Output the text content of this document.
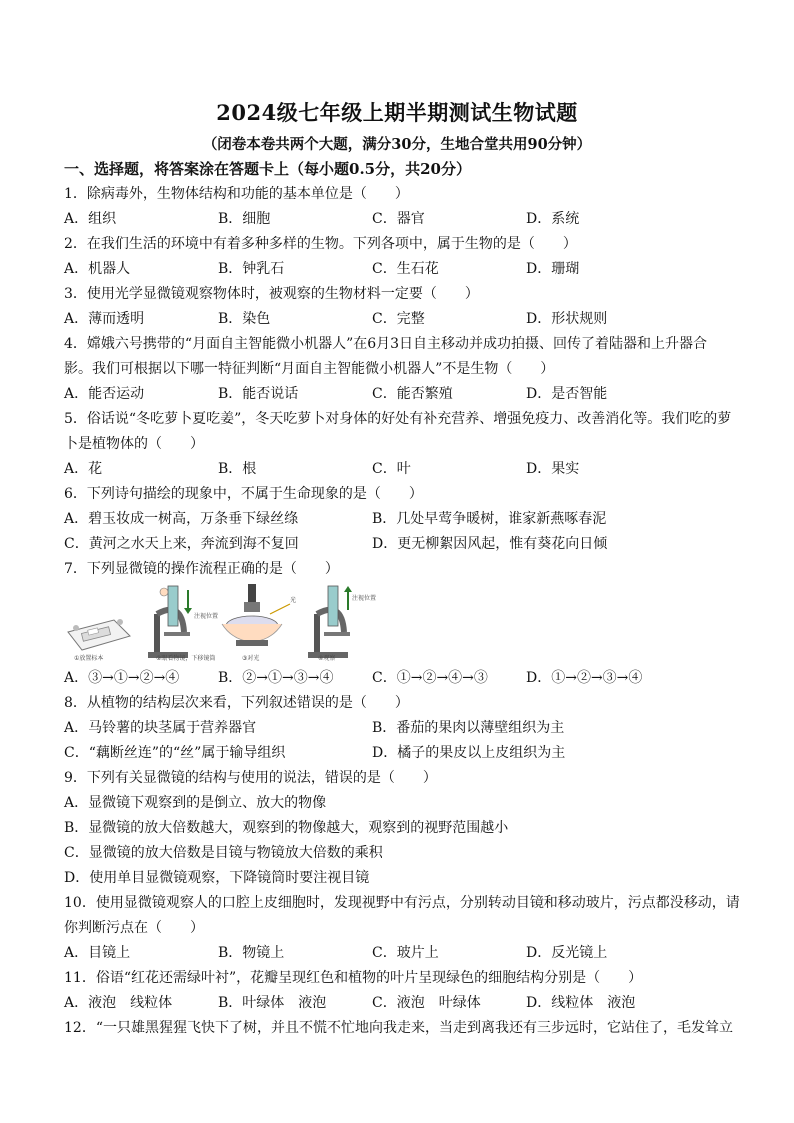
2024级七年级上期半期测试生物试题
（闭卷本卷共两个大题，满分30分，生地合堂共用90分钟）
一、选择题，将答案涂在答题卡上（每小题0.5分，共20分）
1．除病毒外，生物体结构和功能的基本单位是（　　）
A．组织	B．细胞	C．器官	D．系统
2．在我们生活的环境中有着多种多样的生物。下列各项中，属于生物的是（　　）
A．机器人	B．钟乳石	C．生石花	D．珊瑚
3．使用光学显微镜观察物体时，被观察的生物材料一定要（　　）
A．薄而透明	B．染色	C．完整	D．形状规则
4．嫦娥六号携带的“月面自主智能微小机器人”在6月3日自主移动并成功拍摄、回传了着陆器和上升器合
影。我们可根据以下哪一特征判断“月面自主智能微小机器人”不是生物（　　）
A．能否运动	B．能否说话	C．能否繁殖	D．是否智能
5．俗话说“冬吃萝卜夏吃姜”，冬天吃萝卜对身体的好处有补充营养、增强免疫力、改善消化等。我们吃的萝
卜是植物体的（　　）
A．花	B．根	C．叶	D．果实
6．下列诗句描绘的现象中，不属于生命现象的是（　　）
A．碧玉妆成一树高，万条垂下绿丝绦	B．几处早莺争暖树，谁家新燕啄春泥
C．黄河之水天上来，奔流到海不复回	D．更无柳絮因风起，惟有葵花向日倾
7．下列显微镜的操作流程正确的是（　　）
①放置标本
注视位置
②眼看物镜，下移镜筒
光
③对光
注视位置
④观察
A．③→①→②→④	B．②→①→③→④	C．①→②→④→③	D．①→②→③→④
8．从植物的结构层次来看，下列叙述错误的是（　　）
A．马铃薯的块茎属于营养器官	B．番茄的果肉以薄壁组织为主
C．“藕断丝连”的“丝”属于输导组织	D．橘子的果皮以上皮组织为主
9．下列有关显微镜的结构与使用的说法，错误的是（　　）
A．显微镜下观察到的是倒立、放大的物像
B．显微镜的放大倍数越大，观察到的物像越大，观察到的视野范围越小
C．显微镜的放大倍数是目镜与物镜放大倍数的乘积
D．使用单目显微镜观察，下降镜筒时要注视目镜
10．使用显微镜观察人的口腔上皮细胞时，发现视野中有污点，分别转动目镜和移动玻片，污点都没移动，请
你判断污点在（　　）
A．目镜上	B．物镜上	C．玻片上	D．反光镜上
11．俗语“红花还需绿叶衬”，花瓣呈现红色和植物的叶片呈现绿色的细胞结构分别是（　　）
A．液泡　线粒体	B．叶绿体　液泡	C．液泡　叶绿体	D．线粒体　液泡
12．“一只雄黑猩猩飞快下了树，并且不慌不忙地向我走来，当走到离我还有三步远时，它站住了，毛发耸立
